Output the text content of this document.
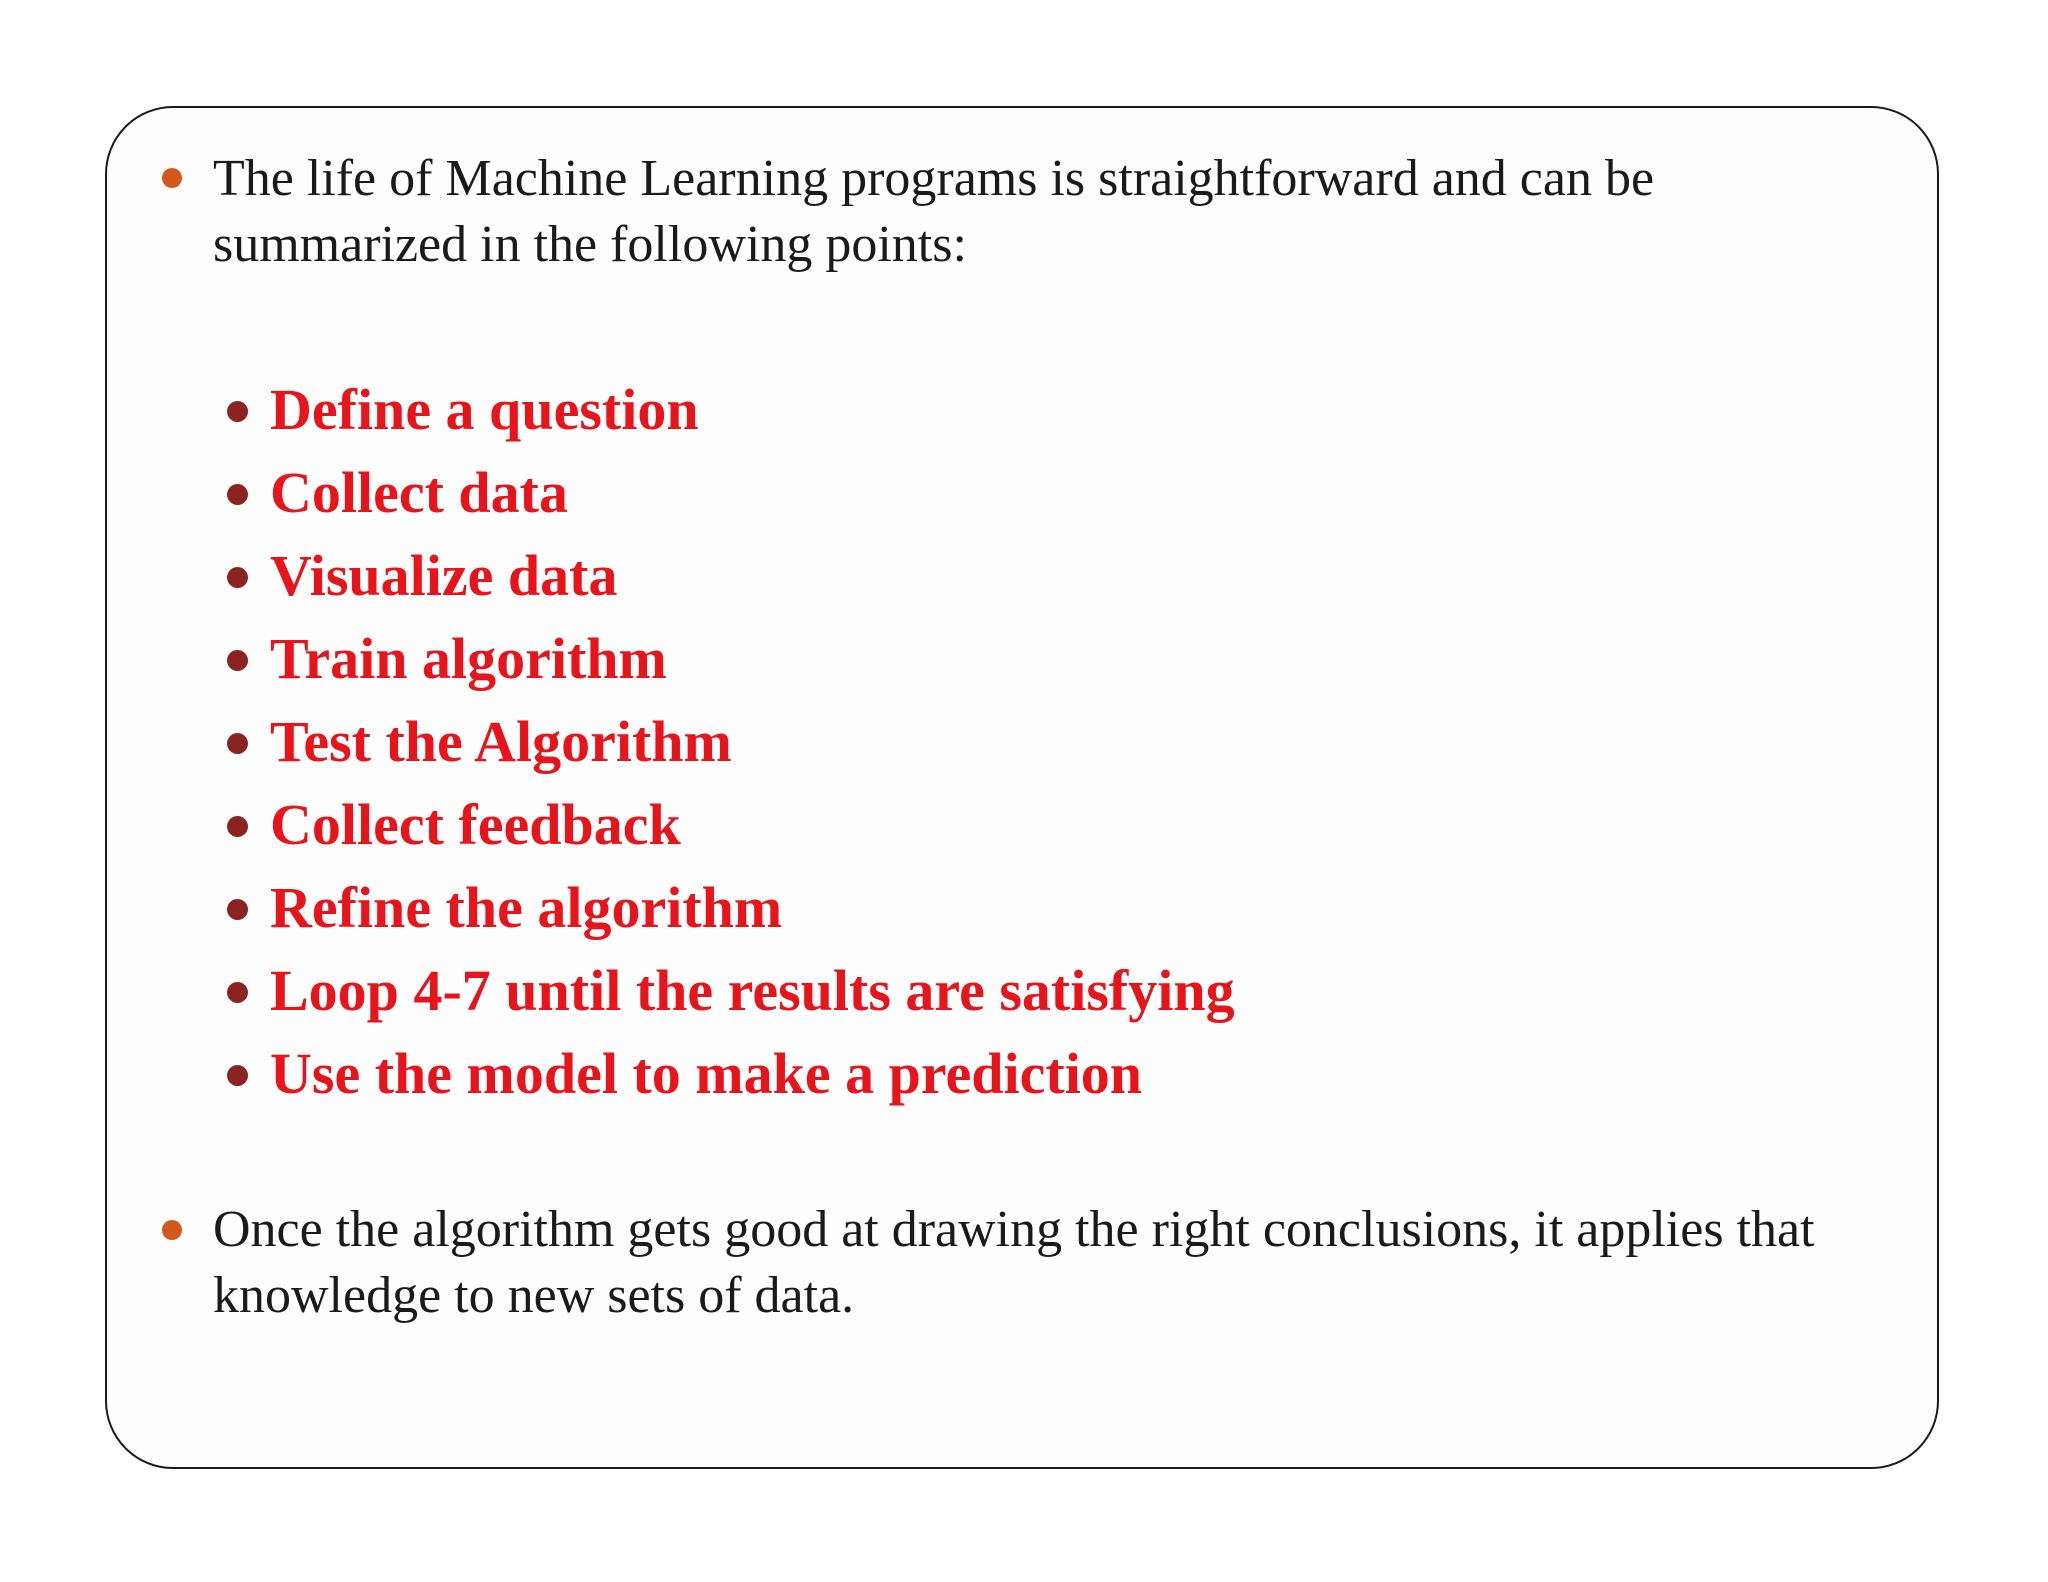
The life of Machine Learning programs is straightforward and can be summarized in the following points:
Define a question
Collect data
Visualize data
Train algorithm
Test the Algorithm
Collect feedback
Refine the algorithm
Loop 4-7 until the results are satisfying
Use the model to make a prediction
Once the algorithm gets good at drawing the right conclusions, it applies that knowledge to new sets of data.
